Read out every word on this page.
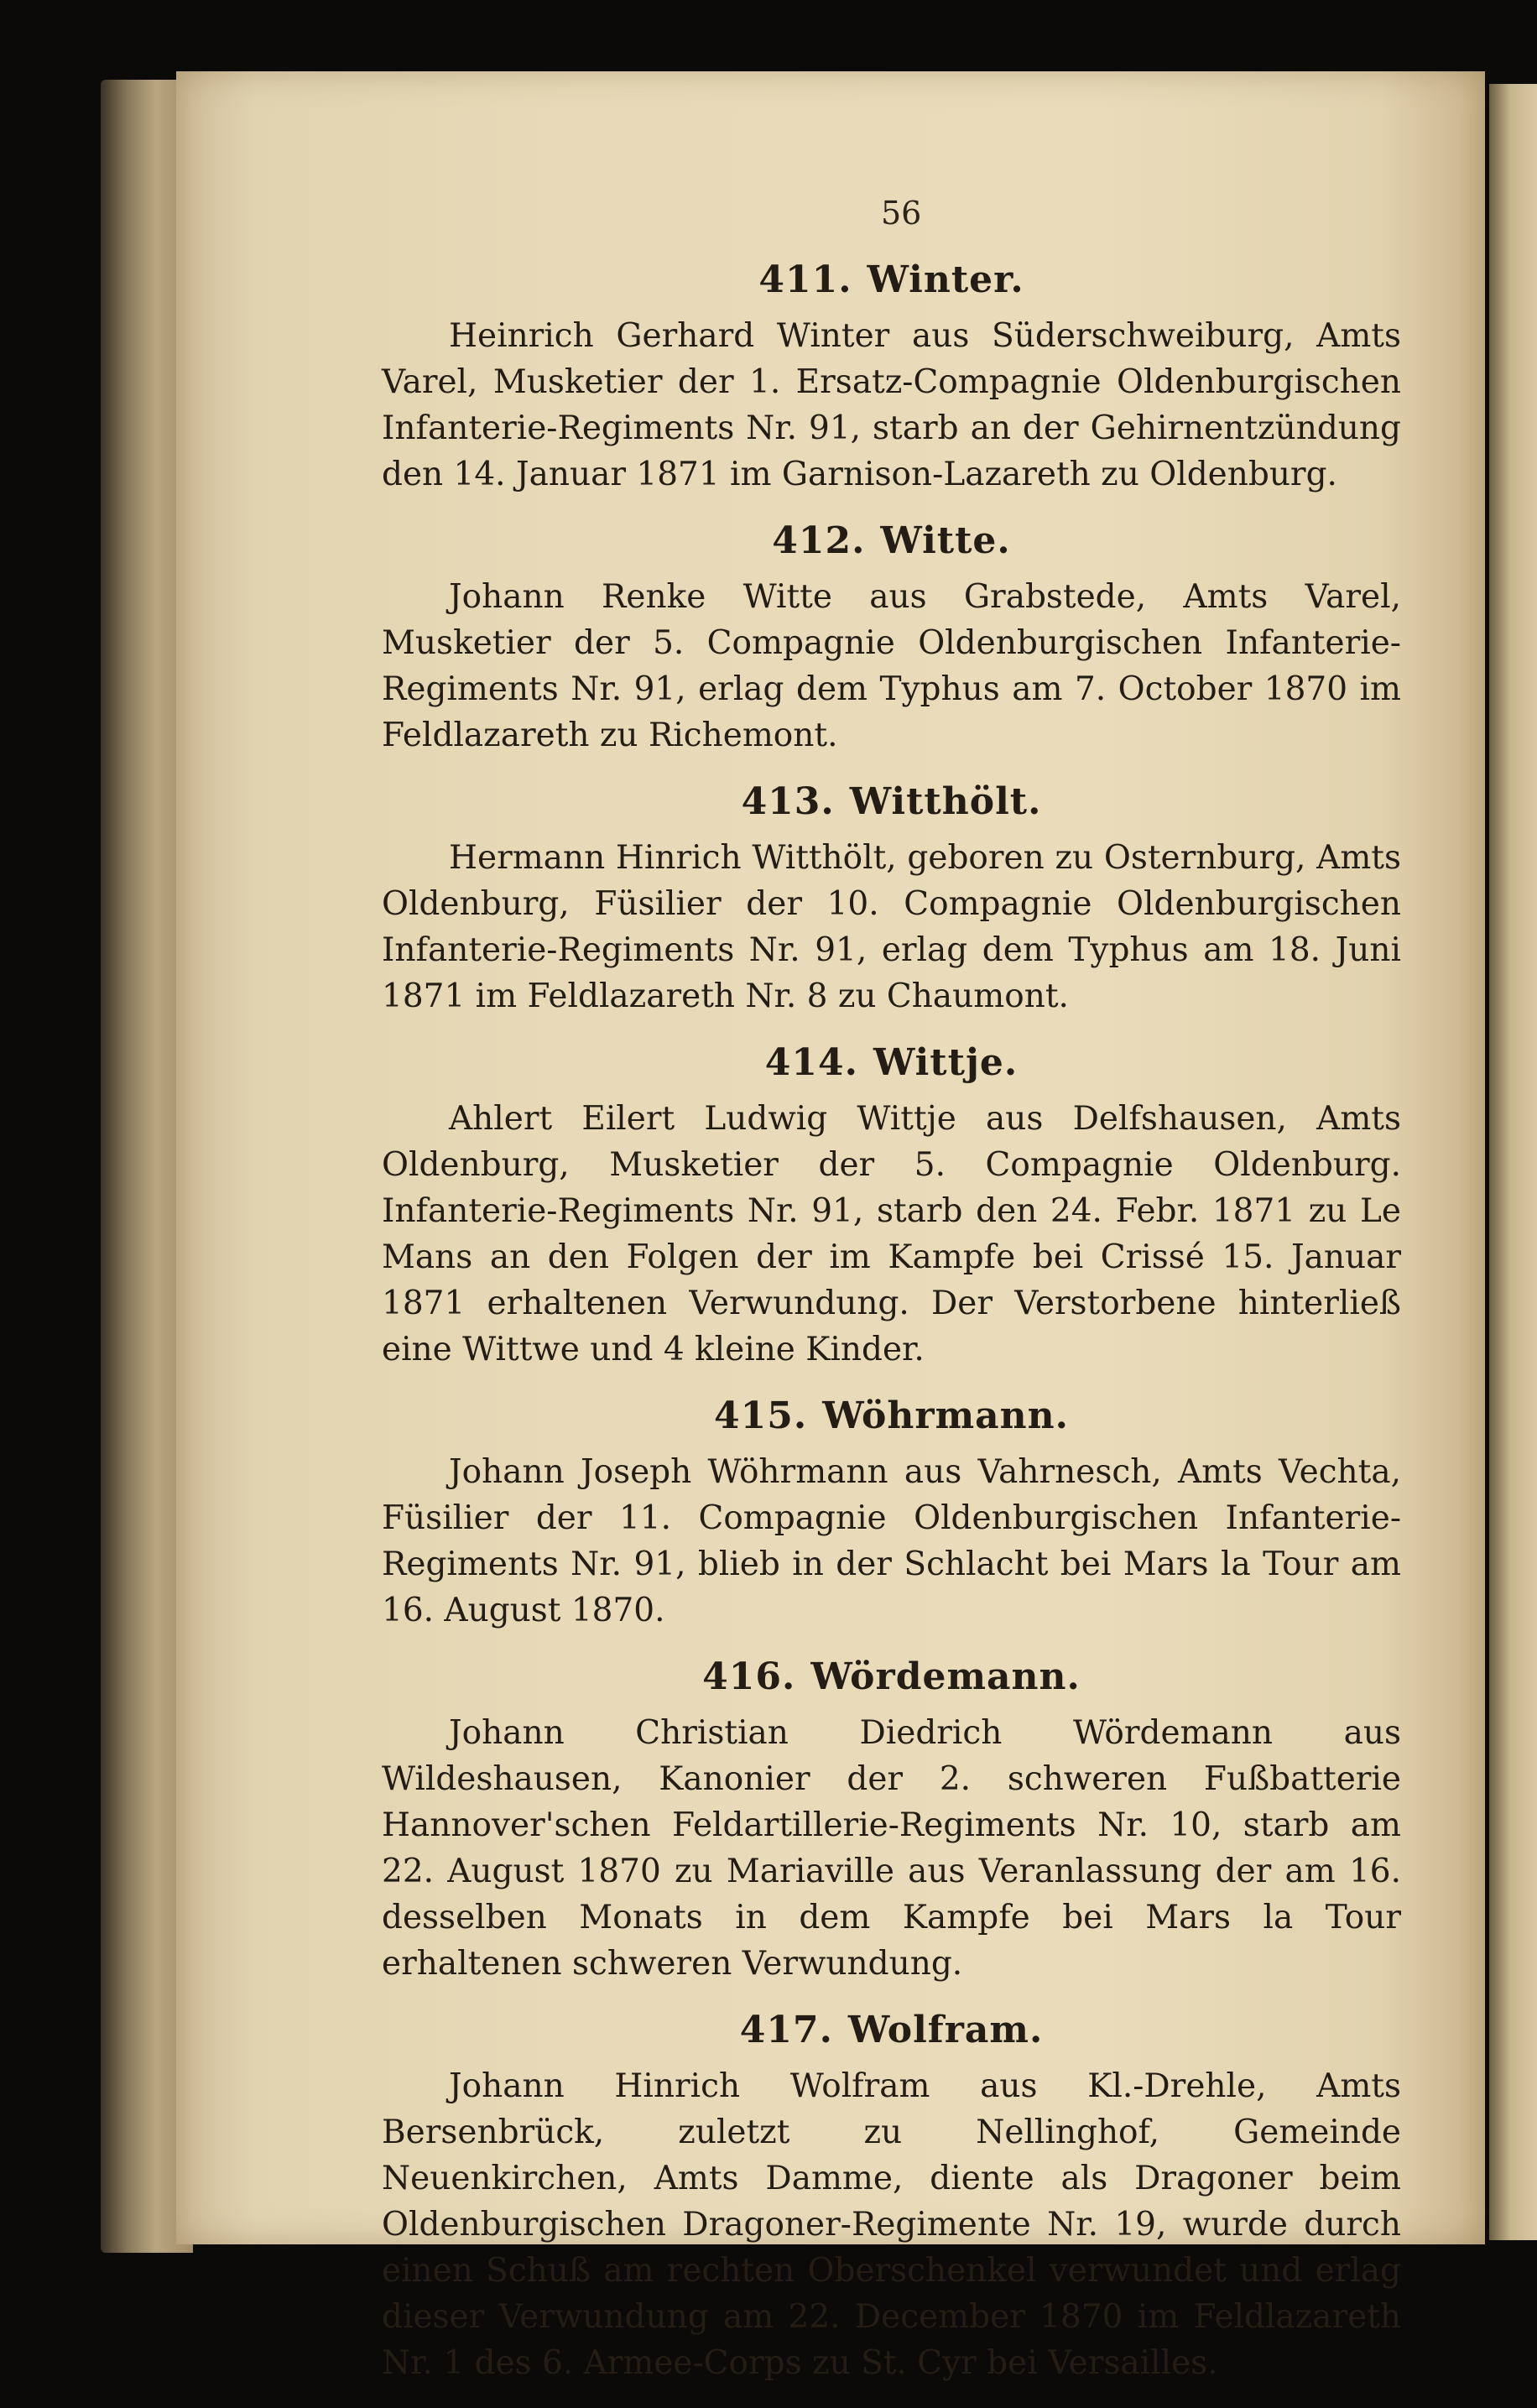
56
411. Winter.

Heinrich Gerhard Winter aus Süderschweiburg, Amts Varel, Musketier der 1. Ersatz-Compagnie Oldenburgischen Infanterie-Regiments Nr. 91, starb an der Gehirnentzündung den 14. Januar 1871 im Garnison-Lazareth zu Oldenburg.

412. Witte.

Johann Renke Witte aus Grabstede, Amts Varel, Musketier der 5. Compagnie Oldenburgischen Infanterie-Regiments Nr. 91, erlag dem Typhus am 7. October 1870 im Feldlazareth zu Richemont.

413. Witthölt.

Hermann Hinrich Witthölt, geboren zu Osternburg, Amts Oldenburg, Füsilier der 10. Compagnie Oldenburgischen Infanterie-Regiments Nr. 91, erlag dem Typhus am 18. Juni 1871 im Feldlazareth Nr. 8 zu Chaumont.

414. Wittje.

Ahlert Eilert Ludwig Wittje aus Delfshausen, Amts Oldenburg, Musketier der 5. Compagnie Oldenburg. Infanterie-Regiments Nr. 91, starb den 24. Febr. 1871 zu Le Mans an den Folgen der im Kampfe bei Crissé 15. Januar 1871 erhaltenen Verwundung. Der Verstorbene hinterließ eine Wittwe und 4 kleine Kinder.

415. Wöhrmann.

Johann Joseph Wöhrmann aus Vahrnesch, Amts Vechta, Füsilier der 11. Compagnie Oldenburgischen Infanterie-Regiments Nr. 91, blieb in der Schlacht bei Mars la Tour am 16. August 1870.

416. Wördemann.

Johann Christian Diedrich Wördemann aus Wildeshausen, Kanonier der 2. schweren Fußbatterie Hannover'schen Feldartillerie-Regiments Nr. 10, starb am 22. August 1870 zu Mariaville aus Veranlassung der am 16. desselben Monats in dem Kampfe bei Mars la Tour erhaltenen schweren Verwundung.

417. Wolfram.

Johann Hinrich Wolfram aus Kl.-Drehle, Amts Bersenbrück, zuletzt zu Nellinghof, Gemeinde Neuenkirchen, Amts Damme, diente als Dragoner beim Oldenburgischen Dragoner-Regimente Nr. 19, wurde durch einen Schuß am rechten Oberschenkel verwundet und erlag dieser Verwundung am 22. December 1870 im Feldlazareth Nr. 1 des 6. Armee-Corps zu St. Cyr bei Versailles.
